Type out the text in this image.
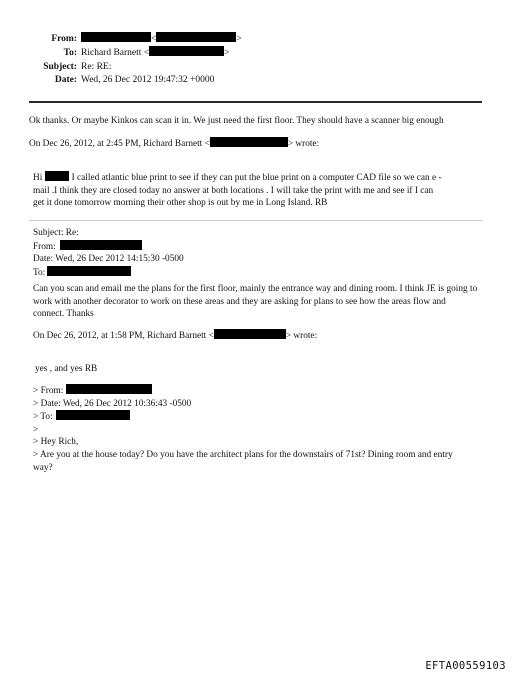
From:	<	>
To: Richard Barnett <	>
Subject: Re: RE:
Date: Wed, 26 Dec 2012 19:47:32 +0000
Ok thanks. Or maybe Kinkos can scan it in. We just need the first floor. They should have a scanner big enough
On Dec 26, 2012, at 2:45 PM, Richard Barnett <	> wrote:
Hi	I called atlantic blue print to see if they can put the blue print on a computer CAD file so we can e -
mail .I think they are closed today no answer at both locations . I will take the print with me and see if I can
get it done tomorrow morning their other shop is out by me in Long Island. RB
Subject: Re:
From:
Date: Wed, 26 Dec 2012 14:15:30 -0500
To:
Can you scan and email me the plans for the first floor, mainly the entrance way and dining room. I think JE is going to work with another decorator to work on these areas and they are asking for plans to see how the areas flow and connect. Thanks
On Dec 26, 2012, at 1:58 PM, Richard Barnett <	> wrote:
yes , and yes RB
> From:
> Date: Wed, 26 Dec 2012 10:36:43 -0500
> To:
>
> Hey Rich,
> Are you at the house today? Do you have the architect plans for the downstairs of 71st? Dining room and entry way?
EFTA00559103
